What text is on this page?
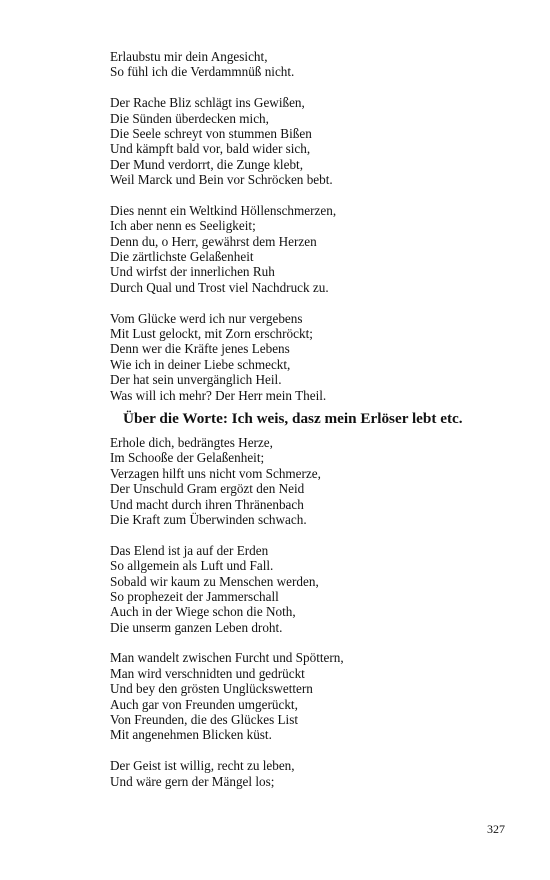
Erlaubstu mir dein Angesicht,
So fühl ich die Verdammnüß nicht.
Der Rache Bliz schlägt ins Gewißen,
Die Sünden überdecken mich,
Die Seele schreyt von stummen Bißen
Und kämpft bald vor, bald wider sich,
Der Mund verdorrt, die Zunge klebt,
Weil Marck und Bein vor Schröcken bebt.
Dies nennt ein Weltkind Höllenschmerzen,
Ich aber nenn es Seeligkeit;
Denn du, o Herr, gewährst dem Herzen
Die zärtlichste Gelaßenheit
Und wirfst der innerlichen Ruh
Durch Qual und Trost viel Nachdruck zu.
Vom Glücke werd ich nur vergebens
Mit Lust gelockt, mit Zorn erschröckt;
Denn wer die Kräfte jenes Lebens
Wie ich in deiner Liebe schmeckt,
Der hat sein unvergänglich Heil.
Was will ich mehr? Der Herr mein Theil.
Über die Worte: Ich weis, dasz mein Erlöser lebt etc.
Erhole dich, bedrängtes Herze,
Im Schooße der Gelaßenheit;
Verzagen hilft uns nicht vom Schmerze,
Der Unschuld Gram ergözt den Neid
Und macht durch ihren Thränenbach
Die Kraft zum Überwinden schwach.
Das Elend ist ja auf der Erden
So allgemein als Luft und Fall.
Sobald wir kaum zu Menschen werden,
So prophezeit der Jammerschall
Auch in der Wiege schon die Noth,
Die unserm ganzen Leben droht.
Man wandelt zwischen Furcht und Spöttern,
Man wird verschnidten und gedrückt
Und bey den grösten Unglückswettern
Auch gar von Freunden umgerückt,
Von Freunden, die des Glückes List
Mit angenehmen Blicken küst.
Der Geist ist willig, recht zu leben,
Und wäre gern der Mängel los;
327
